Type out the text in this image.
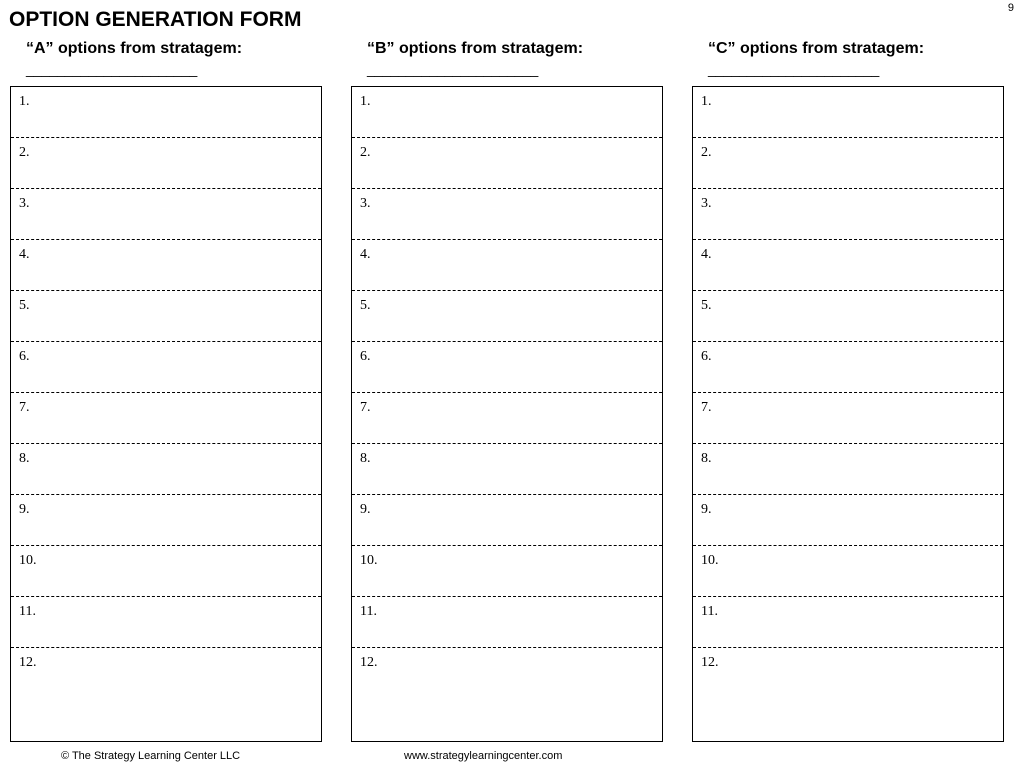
9
OPTION GENERATION FORM
“A” options from stratagem:
______________________
1.
2.
3.
4.
5.
6.
7.
8.
9.
10.
11.
12.
“B” options from stratagem:
______________________
1.
2.
3.
4.
5.
6.
7.
8.
9.
10.
11.
12.
“C” options from stratagem:
______________________
1.
2.
3.
4.
5.
6.
7.
8.
9.
10.
11.
12.
© The Strategy Learning Center LLC	www.strategylearningcenter.com
